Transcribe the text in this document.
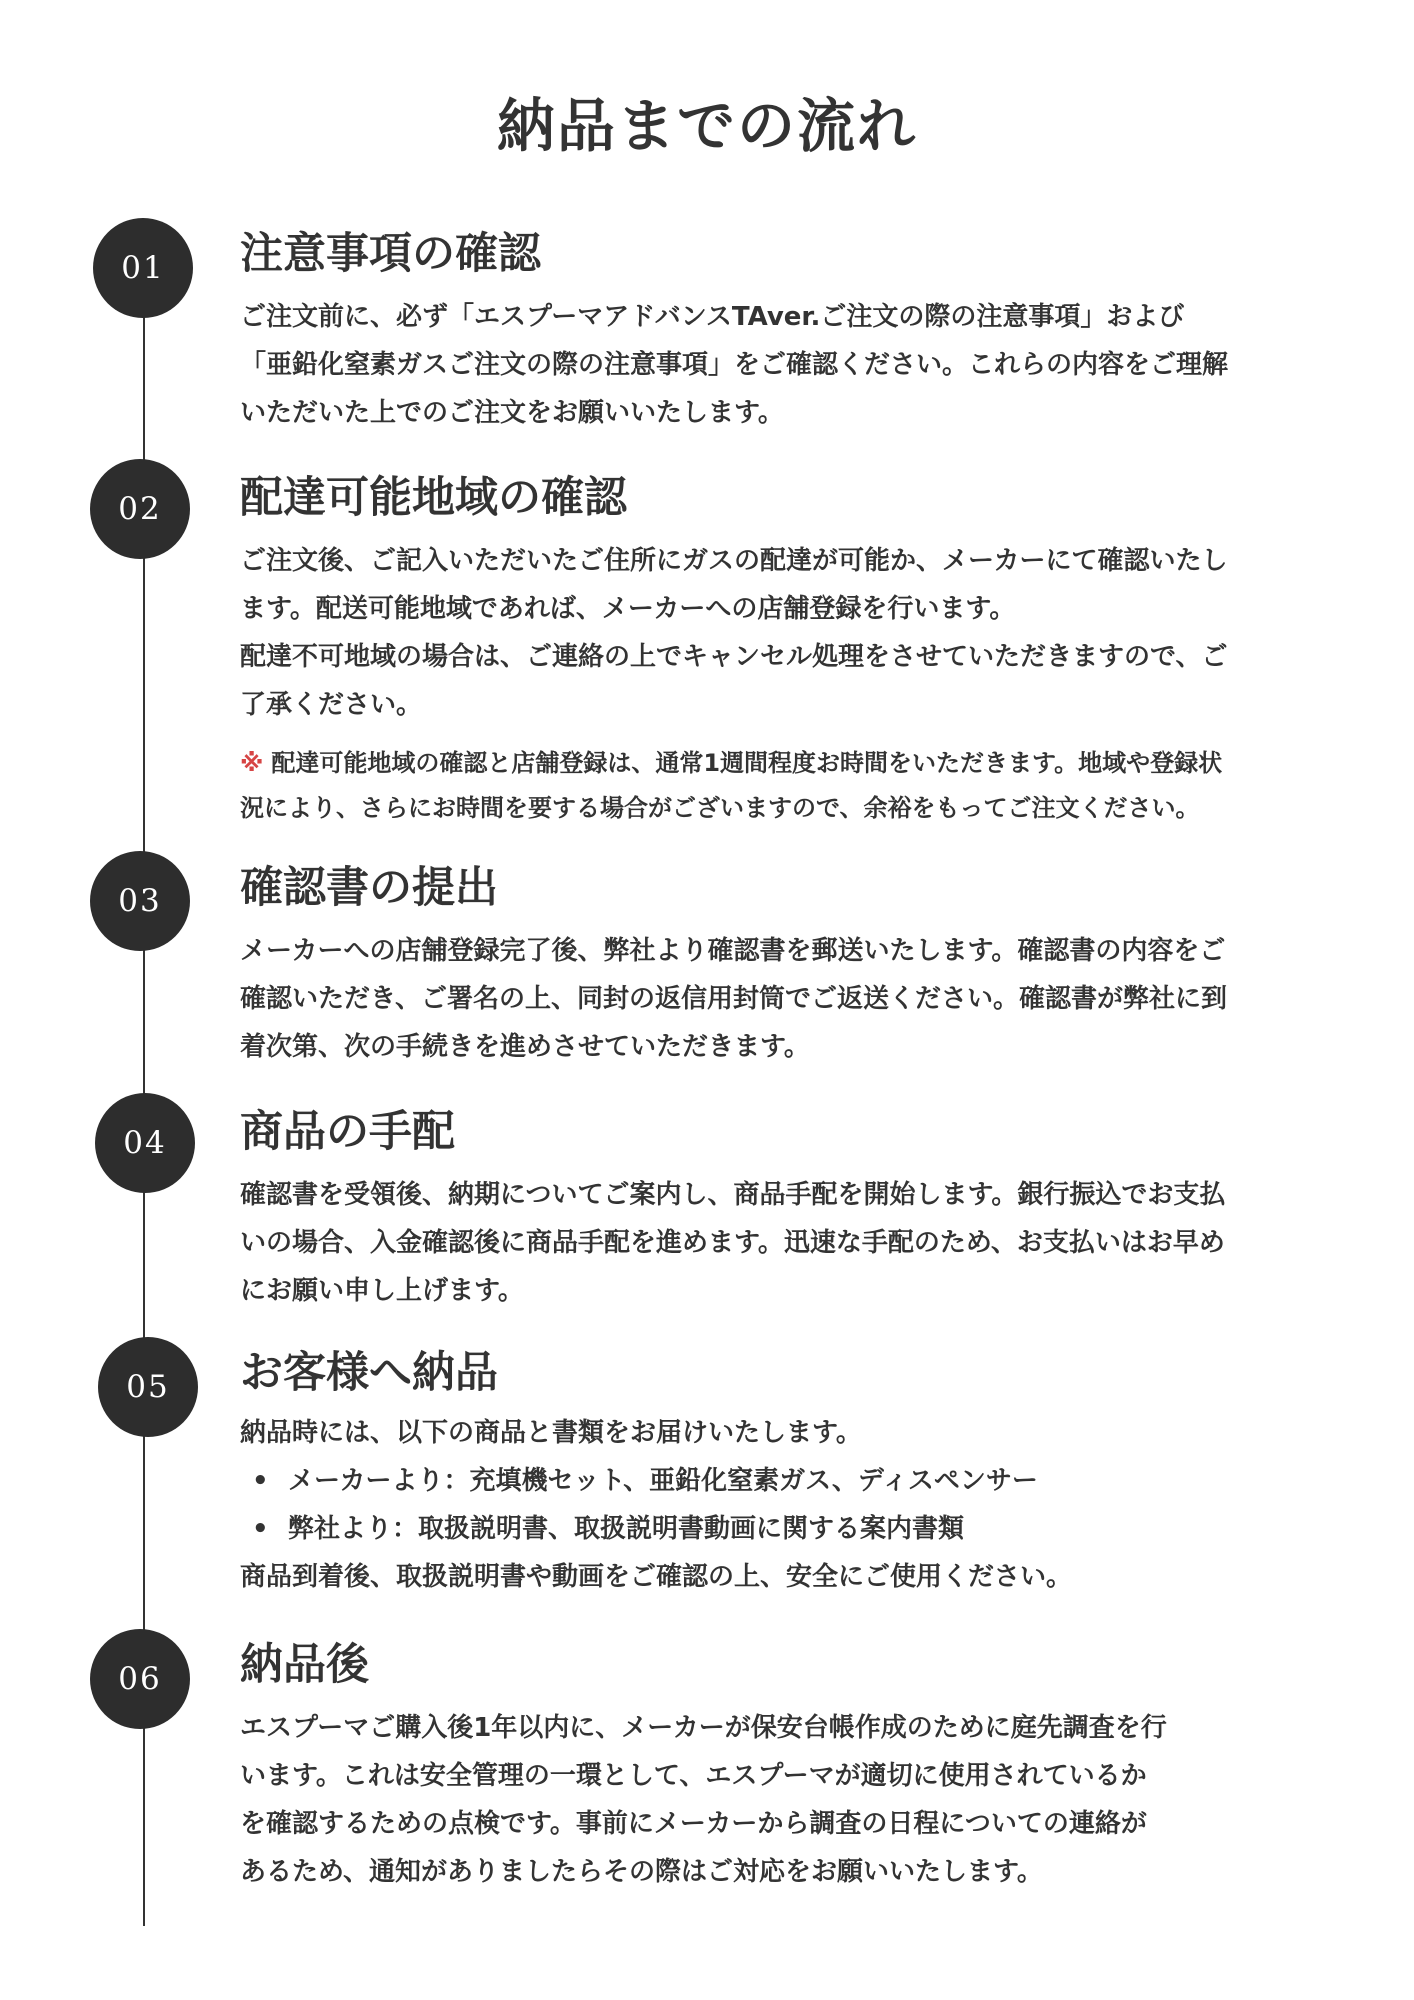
納品までの流れ
01	注意事項の確認
ご注文前に、必ず「エスプーマアドバンスTAver.ご注文の際の注意事項」および
「亜鉛化窒素ガスご注文の際の注意事項」をご確認ください。これらの内容をご理解
いただいた上でのご注文をお願いいたします。
02	配達可能地域の確認
ご注文後、ご記入いただいたご住所にガスの配達が可能か、メーカーにて確認いたし
ます。配送可能地域であれば、メーカーへの店舗登録を行います。
配達不可地域の場合は、ご連絡の上でキャンセル処理をさせていただきますので、ご
了承ください。
※ 配達可能地域の確認と店舗登録は、通常1週間程度お時間をいただきます。地域や登録状
況により、さらにお時間を要する場合がございますので、余裕をもってご注文ください。
03	確認書の提出
メーカーへの店舗登録完了後、弊社より確認書を郵送いたします。確認書の内容をご
確認いただき、ご署名の上、同封の返信用封筒でご返送ください。確認書が弊社に到
着次第、次の手続きを進めさせていただきます。
04	商品の手配
確認書を受領後、納期についてご案内し、商品手配を開始します。銀行振込でお支払
いの場合、入金確認後に商品手配を進めます。迅速な手配のため、お支払いはお早め
にお願い申し上げます。
05	お客様へ納品
納品時には、以下の商品と書類をお届けいたします。
• メーカーより：充填機セット、亜鉛化窒素ガス、ディスペンサー
• 弊社より：取扱説明書、取扱説明書動画に関する案内書類
商品到着後、取扱説明書や動画をご確認の上、安全にご使用ください。
06	納品後
エスプーマご購入後1年以内に、メーカーが保安台帳作成のために庭先調査を行
います。これは安全管理の一環として、エスプーマが適切に使用されているか
を確認するための点検です。事前にメーカーから調査の日程についての連絡が
あるため、通知がありましたらその際はご対応をお願いいたします。
